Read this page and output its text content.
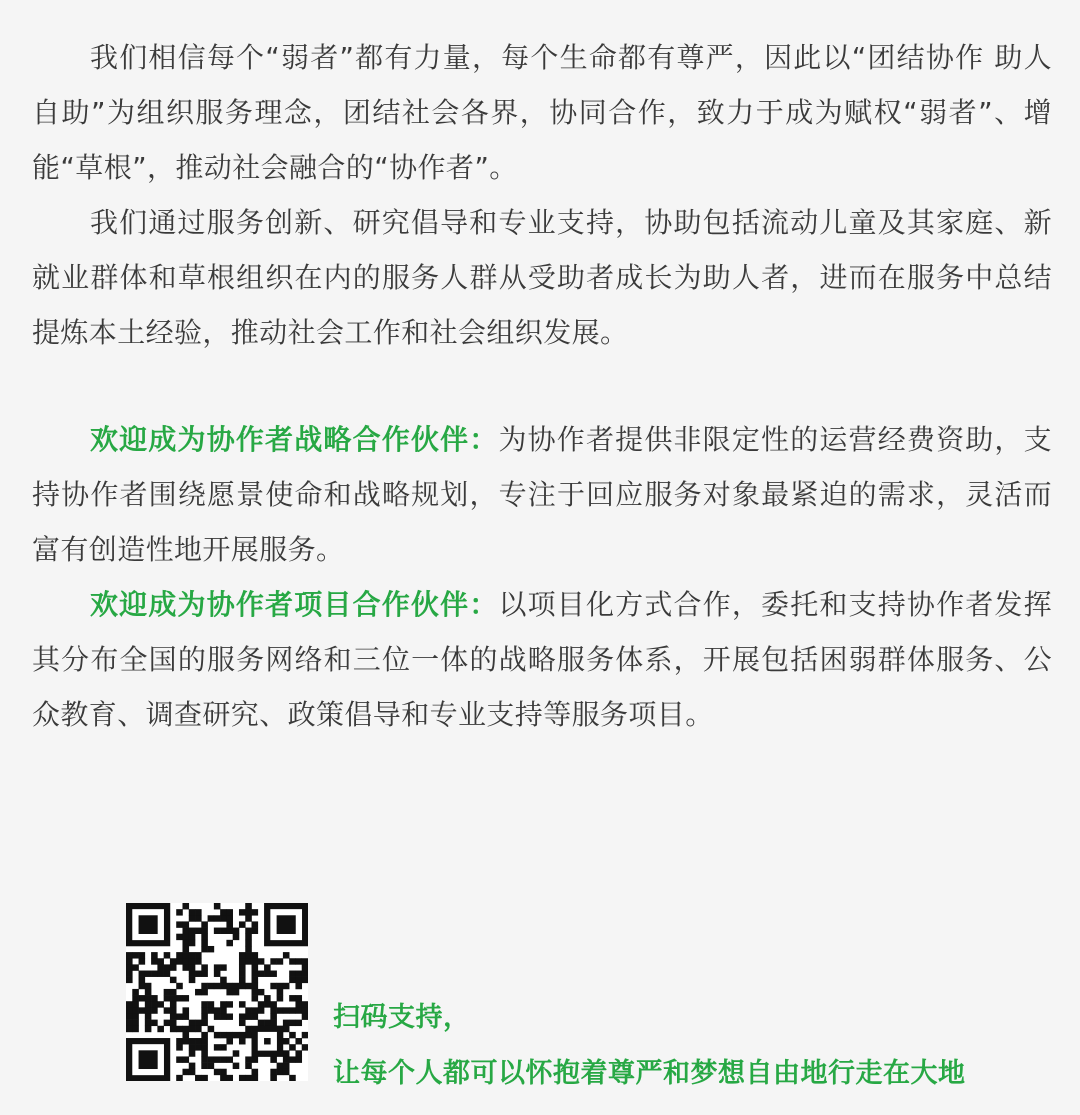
我们相信每个“弱者”都有力量，每个生命都有尊严，因此以“团结协作 助人自助”为组织服务理念，团结社会各界，协同合作，致力于成为赋权“弱者”、增能“草根”，推动社会融合的“协作者”。

我们通过服务创新、研究倡导和专业支持，协助包括流动儿童及其家庭、新就业群体和草根组织在内的服务人群从受助者成长为助人者，进而在服务中总结提炼本土经验，推动社会工作和社会组织发展。

欢迎成为协作者战略合作伙伴：为协作者提供非限定性的运营经费资助，支持协作者围绕愿景使命和战略规划，专注于回应服务对象最紧迫的需求，灵活而富有创造性地开展服务。

欢迎成为协作者项目合作伙伴：以项目化方式合作，委托和支持协作者发挥其分布全国的服务网络和三位一体的战略服务体系，开展包括困弱群体服务、公众教育、调查研究、政策倡导和专业支持等服务项目。

扫码支持，
让每个人都可以怀抱着尊严和梦想自由地行走在大地
